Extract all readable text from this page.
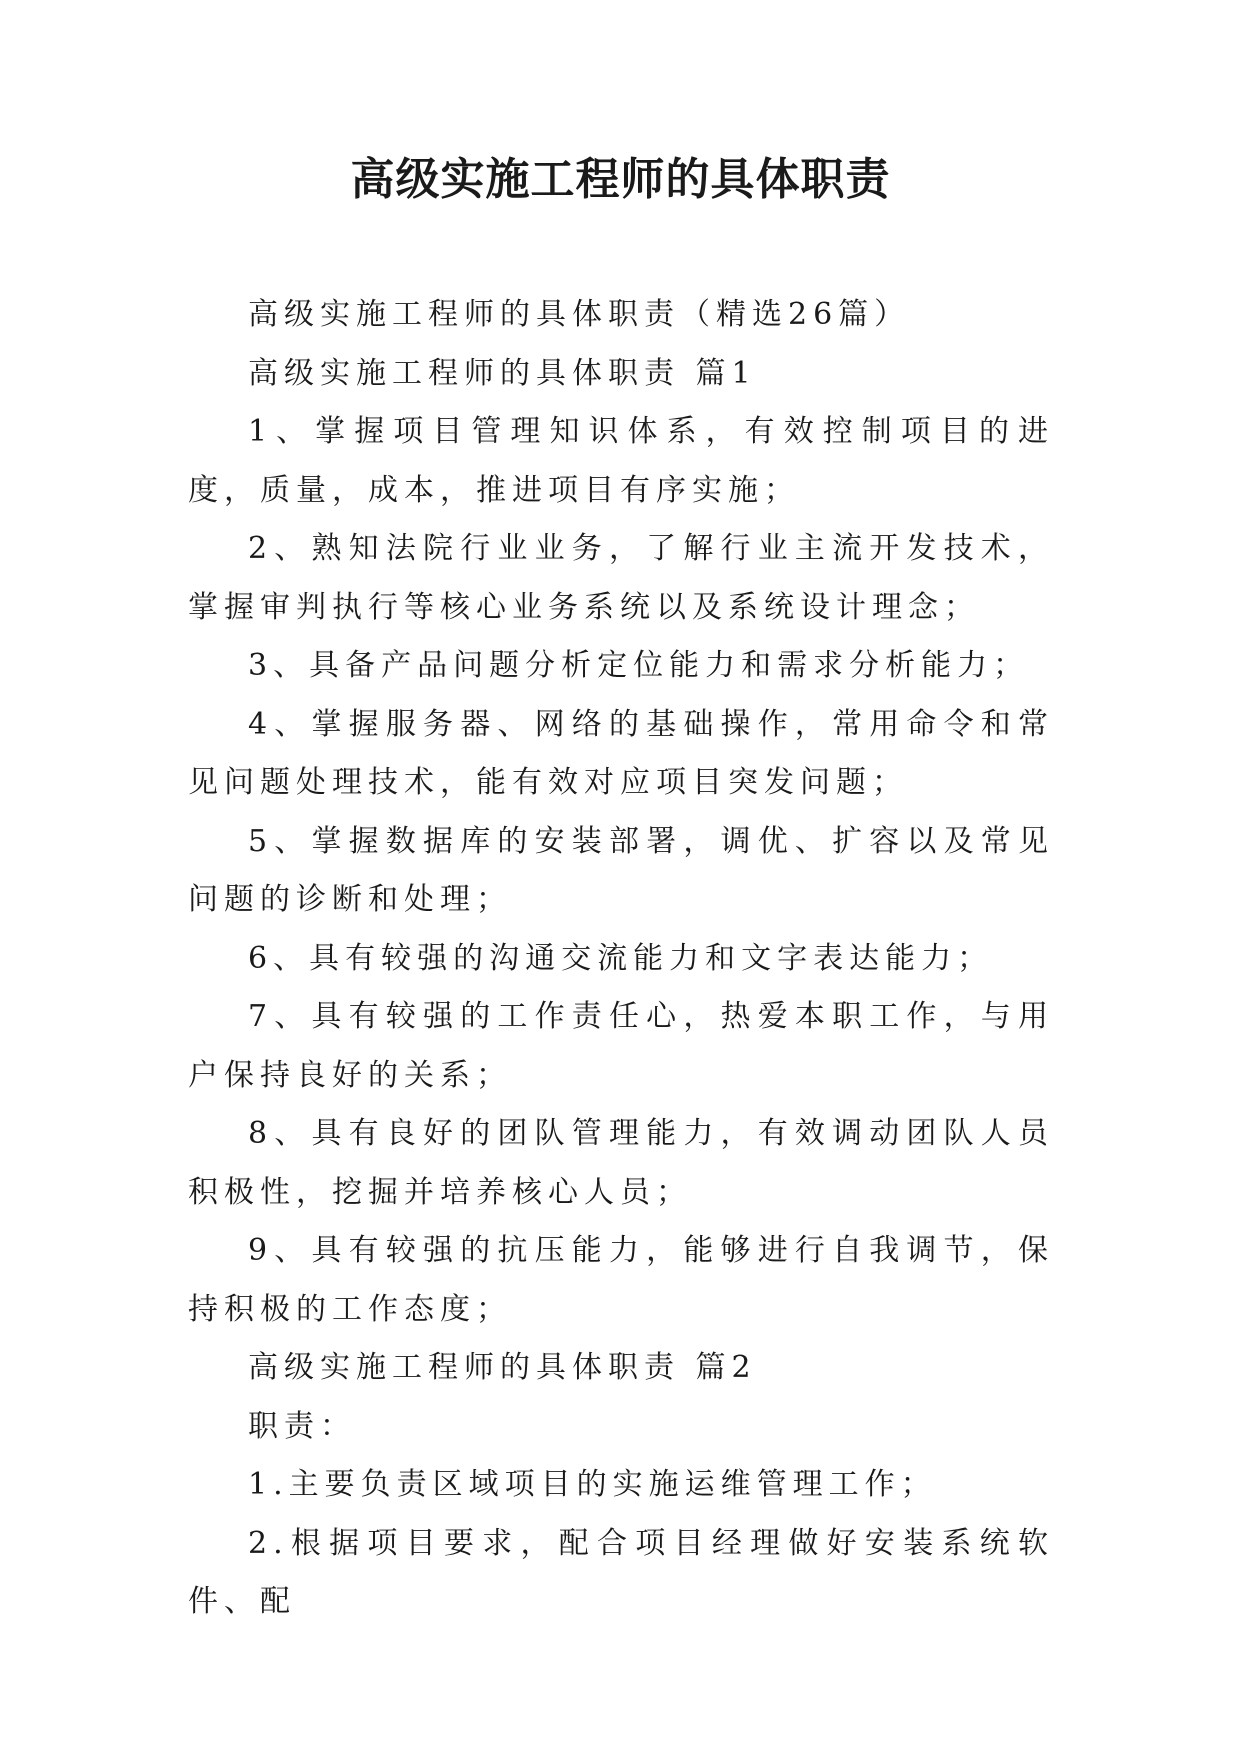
高级实施工程师的具体职责

高级实施工程师的具体职责（精选26篇）

高级实施工程师的具体职责 篇1

1、掌握项目管理知识体系，有效控制项目的进度，质量，成本，推进项目有序实施；

2、熟知法院行业业务，了解行业主流开发技术，掌握审判执行等核心业务系统以及系统设计理念；

3、具备产品问题分析定位能力和需求分析能力；

4、掌握服务器、网络的基础操作，常用命令和常见问题处理技术，能有效对应项目突发问题；

5、掌握数据库的安装部署，调优、扩容以及常见问题的诊断和处理；

6、具有较强的沟通交流能力和文字表达能力；

7、具有较强的工作责任心，热爱本职工作，与用户保持良好的关系；

8、具有良好的团队管理能力，有效调动团队人员积极性，挖掘并培养核心人员；

9、具有较强的抗压能力，能够进行自我调节，保持积极的工作态度；

高级实施工程师的具体职责 篇2

职责：

1.主要负责区域项目的实施运维管理工作；

2.根据项目要求，配合项目经理做好安装系统软件、配
